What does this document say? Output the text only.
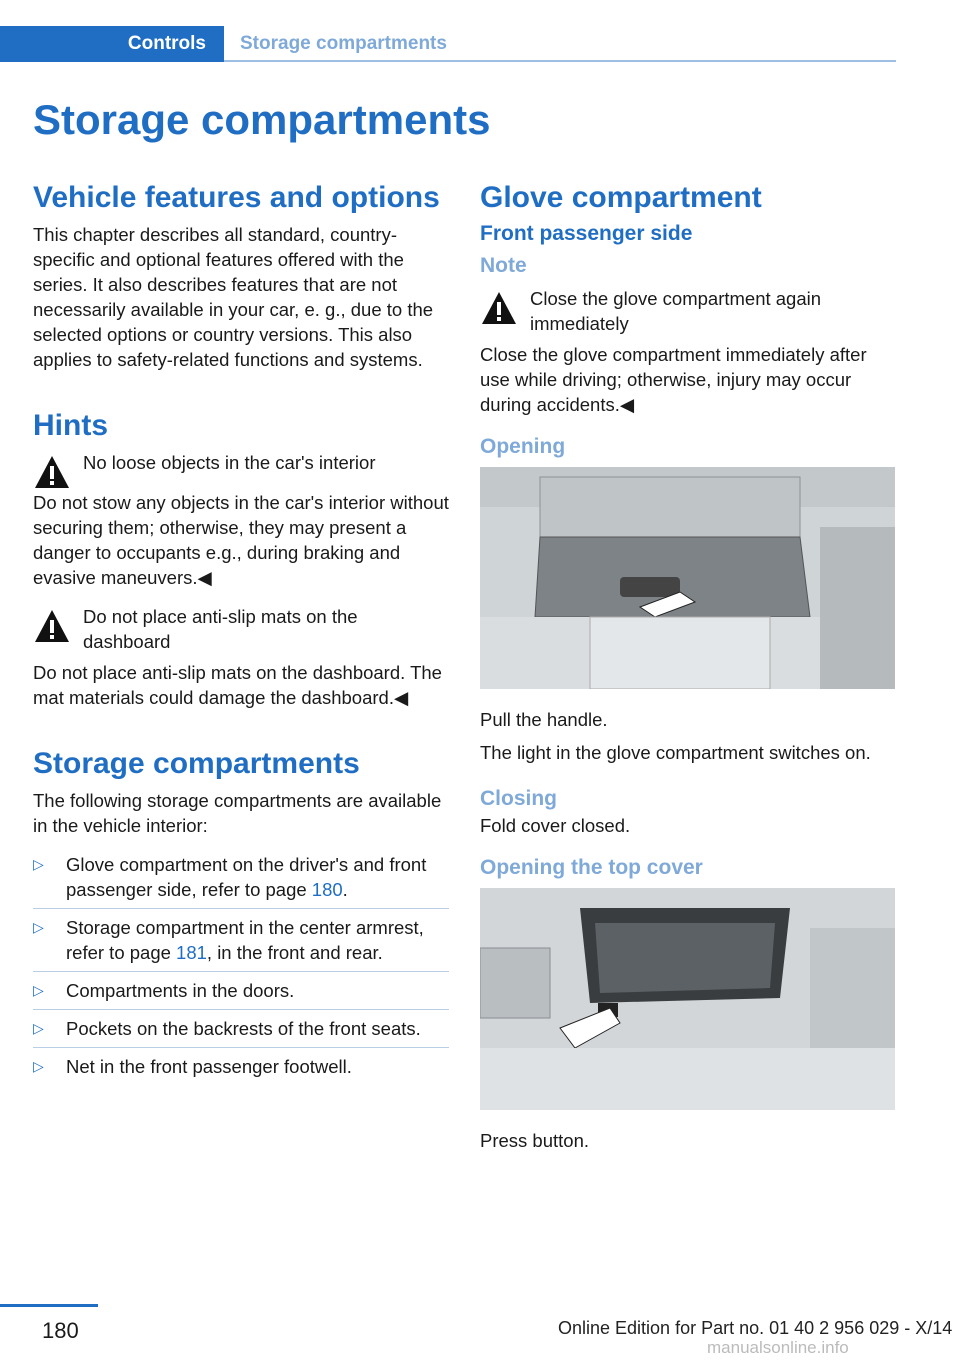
Controls	Storage compartments
Storage compartments
Vehicle features and options

This chapter describes all standard, country-specific and optional features offered with the series. It also describes features that are not necessarily available in your car, e. g., due to the selected options or country versions. This also applies to safety-related functions and systems.

Hints

No loose objects in the car's interior

Do not stow any objects in the car's interior without securing them; otherwise, they may present a danger to occupants e.g., during braking and evasive maneuvers.◀

Do not place anti-slip mats on the dashboard

Do not place anti-slip mats on the dashboard. The mat materials could damage the dashboard.◀

Storage compartments

The following storage compartments are available in the vehicle interior:

▷	Glove compartment on the driver's and front passenger side, refer to page 180.
▷	Storage compartment in the center armrest, refer to page 181, in the front and rear.
▷	Compartments in the doors.
▷	Pockets on the backrests of the front seats.
▷	Net in the front passenger footwell.
Glove compartment
Front passenger side
Note

Close the glove compartment again immediately

Close the glove compartment immediately after use while driving; otherwise, injury may occur during accidents.◀

Opening

Pull the handle.

The light in the glove compartment switches on.

Closing

Fold cover closed.

Opening the top cover

Press button.

180	Online Edition for Part no. 01 40 2 956 029 - X/14
manualsonline.info
